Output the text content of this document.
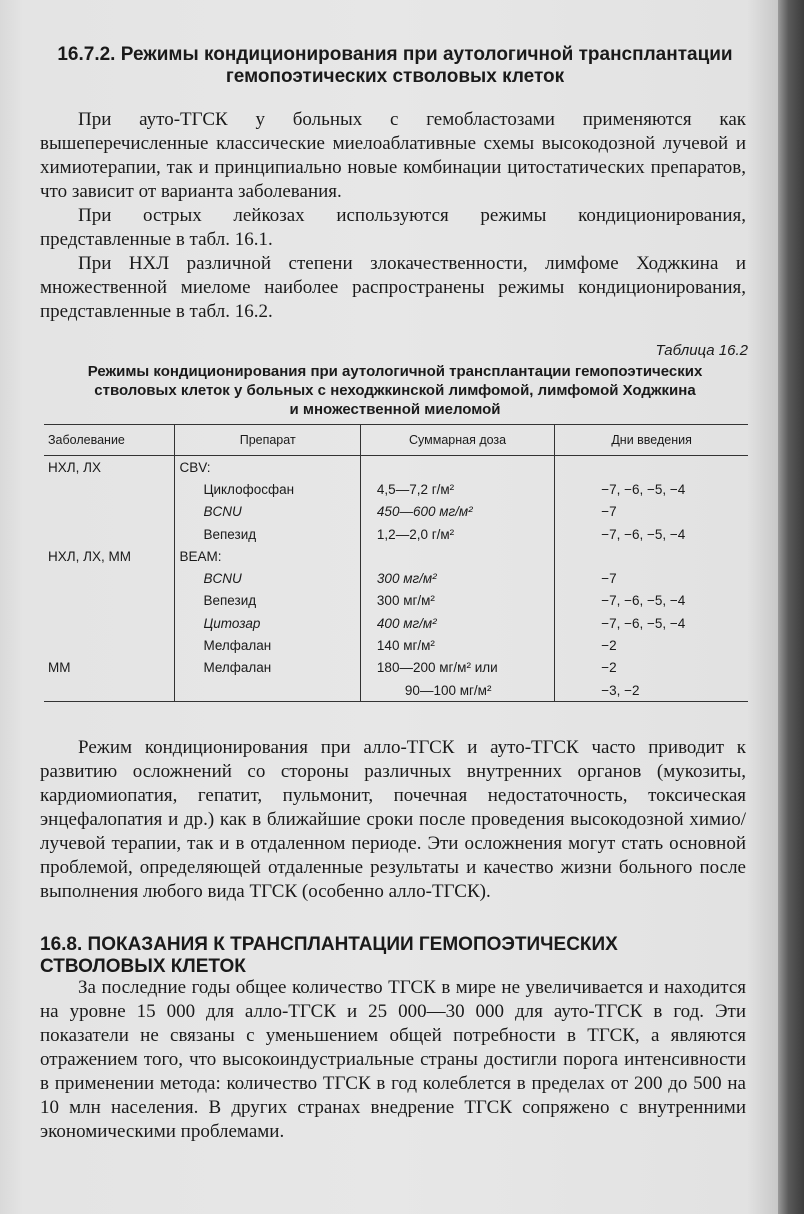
16.7.2. Режимы кондиционирования при аутологичной трансплантации
гемопоэтических стволовых клеток

При ауто-ТГСК у больных с гемобластозами применяются как вышеперечисленные классические миелоаблативные схемы высокодозной лучевой и химиотерапии, так и принципиально новые комбинации цитостатических препаратов, что зависит от варианта заболевания.

При острых лейкозах используются режимы кондиционирования, представленные в табл. 16.1.

При НХЛ различной степени злокачественности, лимфоме Ходжкина и множественной миеломе наиболее распространены режимы кондиционирования, представленные в табл. 16.2.

Таблица 16.2
Режимы кондиционирования при аутологичной трансплантации гемопоэтических
стволовых клеток у больных с неходжкинской лимфомой, лимфомой Ходжкина
и множественной миеломой
Заболевание	Препарат	Суммарная доза	Дни введения
НХЛ, ЛХ	CBV:		
	Циклофосфан	4,5—7,2 г/м²	−7, −6, −5, −4
	BCNU	450—600 мг/м²	−7
	Вепезид	1,2—2,0 г/м²	−7, −6, −5, −4
НХЛ, ЛХ, ММ	BEAM:		
	BCNU	300 мг/м²	−7
	Вепезид	300 мг/м²	−7, −6, −5, −4
	Цитозар	400 мг/м²	−7, −6, −5, −4
	Мелфалан	140 мг/м²	−2
ММ	Мелфалан	180—200 мг/м² или	−2
		90—100 мг/м²	−3, −2

Режим кондиционирования при алло-ТГСК и ауто-ТГСК часто приводит к развитию осложнений со стороны различных внутренних органов (мукозиты, кардиомиопатия, гепатит, пульмонит, почечная недостаточность, токсическая энцефалопатия и др.) как в ближайшие сроки после проведения высокодозной химио/лучевой терапии, так и в отдаленном периоде. Эти осложнения могут стать основной проблемой, определяющей отдаленные результаты и качество жизни больного после выполнения любого вида ТГСК (особенно алло-ТГСК).

16.8. ПОКАЗАНИЯ К ТРАНСПЛАНТАЦИИ ГЕМОПОЭТИЧЕСКИХ СТВОЛОВЫХ КЛЕТОК

За последние годы общее количество ТГСК в мире не увеличивается и находится на уровне 15 000 для алло-ТГСК и 25 000—30 000 для ауто-ТГСК в год. Эти показатели не связаны с уменьшением общей потребности в ТГСК, а являются отражением того, что высокоиндустриальные страны достигли порога интенсивности в применении метода: количество ТГСК в год колеблется в пределах от 200 до 500 на 10 млн населения. В других странах внедрение ТГСК сопряжено с внутренними экономическими проблемами.
